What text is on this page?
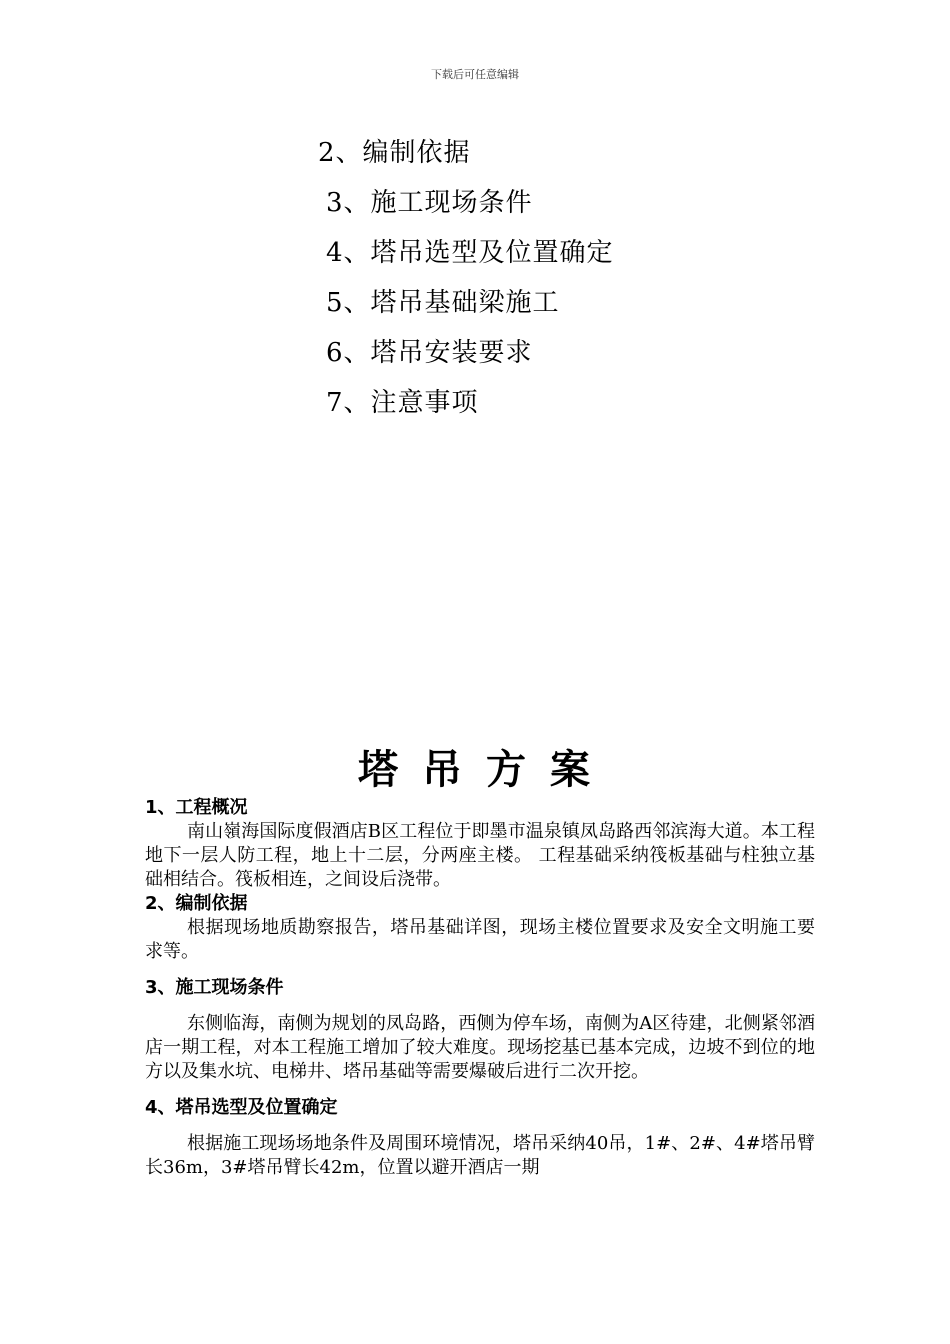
下载后可任意编辑
2、编制依据
3、施工现场条件
4、塔吊选型及位置确定
5、塔吊基础梁施工
6、塔吊安装要求
7、注意事项
塔吊方案

1、工程概况

南山嶺海国际度假酒店B区工程位于即墨市温泉镇凤岛路西邻滨海大道。本工程地下一层人防工程，地上十二层，分两座主楼。 工程基础采纳筏板基础与柱独立基础相结合。筏板相连，之间设后浇带。

2、编制依据

根据现场地质勘察报告，塔吊基础详图，现场主楼位置要求及安全文明施工要求等。

3、施工现场条件

东侧临海，南侧为规划的凤岛路，西侧为停车场，南侧为A区待建，北侧紧邻酒店一期工程，对本工程施工增加了较大难度。现场挖基已基本完成，边坡不到位的地方以及集水坑、电梯井、塔吊基础等需要爆破后进行二次开挖。

4、塔吊选型及位置确定

根据施工现场场地条件及周围环境情况，塔吊采纳40吊，1#、2#、4#塔吊臂长36m，3#塔吊臂长42m，位置以避开酒店一期
